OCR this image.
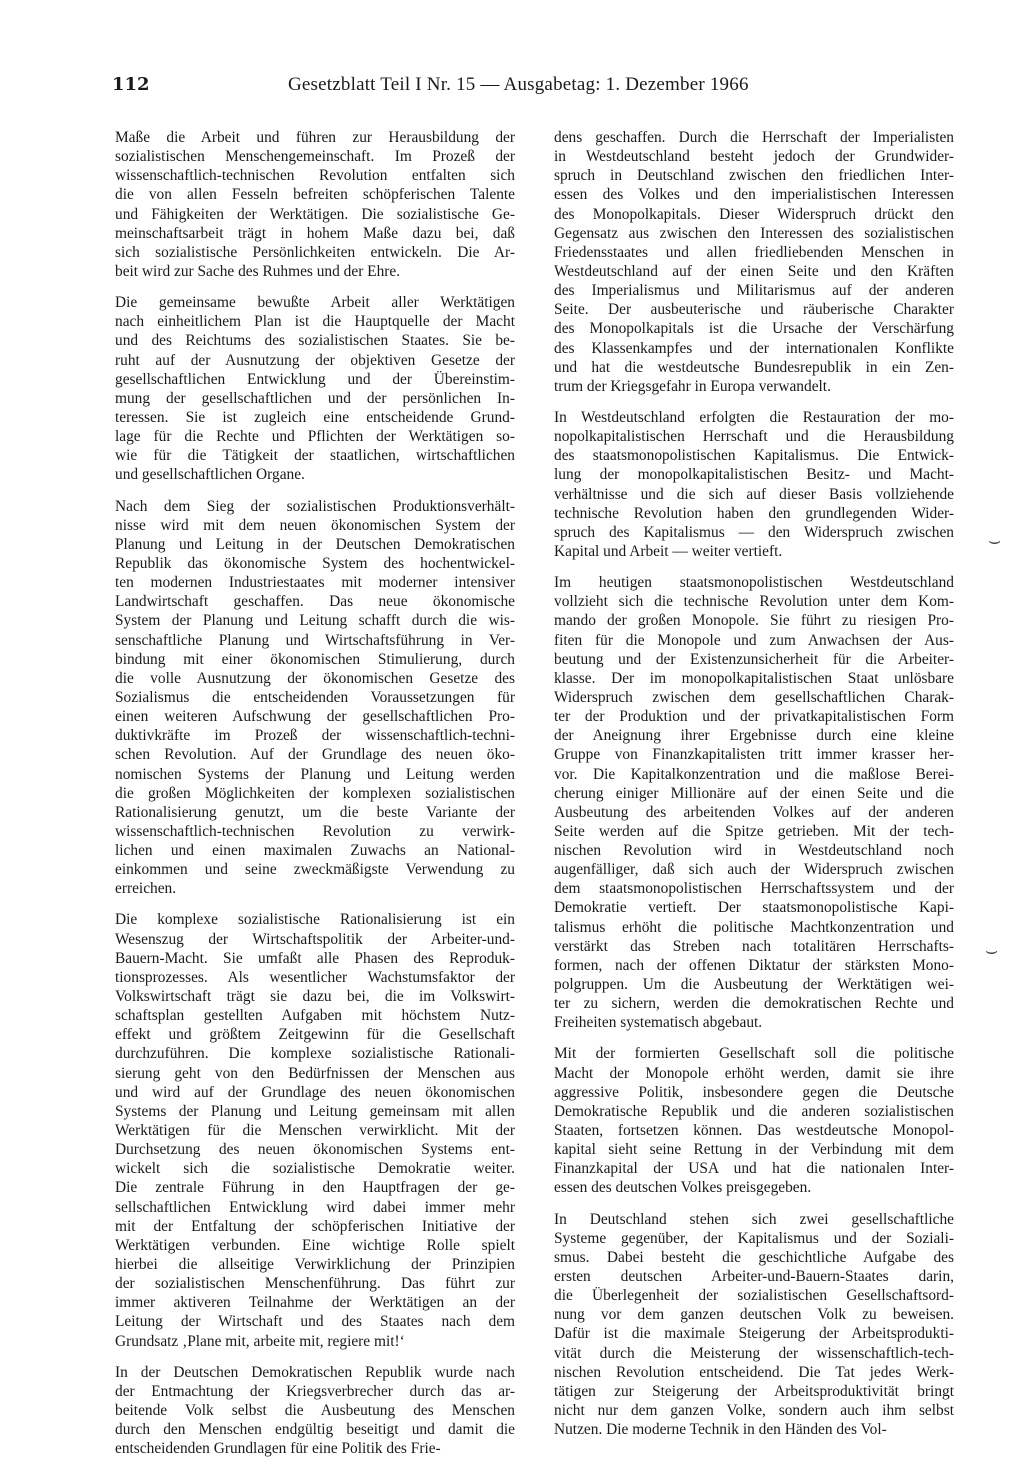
112	Gesetzblatt Teil I Nr. 15 — Ausgabetag: 1. Dezember 1966
Maße die Arbeit und führen zur Herausbildung der
sozialistischen Menschengemeinschaft. Im Prozeß der
wissenschaftlich-technischen Revolution entfalten sich
die von allen Fesseln befreiten schöpferischen Talente
und Fähigkeiten der Werktätigen. Die sozialistische Ge-
meinschaftsarbeit trägt in hohem Maße dazu bei, daß
sich sozialistische Persönlichkeiten entwickeln. Die Ar-
beit wird zur Sache des Ruhmes und der Ehre.
Die gemeinsame bewußte Arbeit aller Werktätigen
nach einheitlichem Plan ist die Hauptquelle der Macht
und des Reichtums des sozialistischen Staates. Sie be-
ruht auf der Ausnutzung der objektiven Gesetze der
gesellschaftlichen Entwicklung und der Übereinstim-
mung der gesellschaftlichen und der persönlichen In-
teressen. Sie ist zugleich eine entscheidende Grund-
lage für die Rechte und Pflichten der Werktätigen so-
wie für die Tätigkeit der staatlichen, wirtschaftlichen
und gesellschaftlichen Organe.
Nach dem Sieg der sozialistischen Produktionsverhält-
nisse wird mit dem neuen ökonomischen System der
Planung und Leitung in der Deutschen Demokratischen
Republik das ökonomische System des hochentwickel-
ten modernen Industriestaates mit moderner intensiver
Landwirtschaft geschaffen. Das neue ökonomische
System der Planung und Leitung schafft durch die wis-
senschaftliche Planung und Wirtschaftsführung in Ver-
bindung mit einer ökonomischen Stimulierung, durch
die volle Ausnutzung der ökonomischen Gesetze des
Sozialismus die entscheidenden Voraussetzungen für
einen weiteren Aufschwung der gesellschaftlichen Pro-
duktivkräfte im Prozeß der wissenschaftlich-techni-
schen Revolution. Auf der Grundlage des neuen öko-
nomischen Systems der Planung und Leitung werden
die großen Möglichkeiten der komplexen sozialistischen
Rationalisierung genutzt, um die beste Variante der
wissenschaftlich-technischen Revolution zu verwirk-
lichen und einen maximalen Zuwachs an National-
einkommen und seine zweckmäßigste Verwendung zu
erreichen.
Die komplexe sozialistische Rationalisierung ist ein
Wesenszug der Wirtschaftspolitik der Arbeiter-und-
Bauern-Macht. Sie umfaßt alle Phasen des Reproduk-
tionsprozesses. Als wesentlicher Wachstumsfaktor der
Volkswirtschaft trägt sie dazu bei, die im Volkswirt-
schaftsplan gestellten Aufgaben mit höchstem Nutz-
effekt und größtem Zeitgewinn für die Gesellschaft
durchzuführen. Die komplexe sozialistische Rationali-
sierung geht von den Bedürfnissen der Menschen aus
und wird auf der Grundlage des neuen ökonomischen
Systems der Planung und Leitung gemeinsam mit allen
Werktätigen für die Menschen verwirklicht. Mit der
Durchsetzung des neuen ökonomischen Systems ent-
wickelt sich die sozialistische Demokratie weiter.
Die zentrale Führung in den Hauptfragen der ge-
sellschaftlichen Entwicklung wird dabei immer mehr
mit der Entfaltung der schöpferischen Initiative der
Werktätigen verbunden. Eine wichtige Rolle spielt
hierbei die allseitige Verwirklichung der Prinzipien
der sozialistischen Menschenführung. Das führt zur
immer aktiveren Teilnahme der Werktätigen an der
Leitung der Wirtschaft und des Staates nach dem
Grundsatz ‚Plane mit, arbeite mit, regiere mit!‘
In der Deutschen Demokratischen Republik wurde nach
der Entmachtung der Kriegsverbrecher durch das ar-
beitende Volk selbst die Ausbeutung des Menschen
durch den Menschen endgültig beseitigt und damit die
entscheidenden Grundlagen für eine Politik des Frie-
dens geschaffen. Durch die Herrschaft der Imperialisten
in Westdeutschland besteht jedoch der Grundwider-
spruch in Deutschland zwischen den friedlichen Inter-
essen des Volkes und den imperialistischen Interessen
des Monopolkapitals. Dieser Widerspruch drückt den
Gegensatz aus zwischen den Interessen des sozialistischen
Friedensstaates und allen friedliebenden Menschen in
Westdeutschland auf der einen Seite und den Kräften
des Imperialismus und Militarismus auf der anderen
Seite. Der ausbeuterische und räuberische Charakter
des Monopolkapitals ist die Ursache der Verschärfung
des Klassenkampfes und der internationalen Konflikte
und hat die westdeutsche Bundesrepublik in ein Zen-
trum der Kriegsgefahr in Europa verwandelt.
In Westdeutschland erfolgten die Restauration der mo-
nopolkapitalistischen Herrschaft und die Herausbildung
des staatsmonopolistischen Kapitalismus. Die Entwick-
lung der monopolkapitalistischen Besitz- und Macht-
verhältnisse und die sich auf dieser Basis vollziehende
technische Revolution haben den grundlegenden Wider-
spruch des Kapitalismus — den Widerspruch zwischen
Kapital und Arbeit — weiter vertieft.
Im heutigen staatsmonopolistischen Westdeutschland
vollzieht sich die technische Revolution unter dem Kom-
mando der großen Monopole. Sie führt zu riesigen Pro-
fiten für die Monopole und zum Anwachsen der Aus-
beutung und der Existenzunsicherheit für die Arbeiter-
klasse. Der im monopolkapitalistischen Staat unlösbare
Widerspruch zwischen dem gesellschaftlichen Charak-
ter der Produktion und der privatkapitalistischen Form
der Aneignung ihrer Ergebnisse durch eine kleine
Gruppe von Finanzkapitalisten tritt immer krasser her-
vor. Die Kapitalkonzentration und die maßlose Berei-
cherung einiger Millionäre auf der einen Seite und die
Ausbeutung des arbeitenden Volkes auf der anderen
Seite werden auf die Spitze getrieben. Mit der tech-
nischen Revolution wird in Westdeutschland noch
augenfälliger, daß sich auch der Widerspruch zwischen
dem staatsmonopolistischen Herrschaftssystem und der
Demokratie vertieft. Der staatsmonopolistische Kapi-
talismus erhöht die politische Machtkonzentration und
verstärkt das Streben nach totalitären Herrschafts-
formen, nach der offenen Diktatur der stärksten Mono-
polgruppen. Um die Ausbeutung der Werktätigen wei-
ter zu sichern, werden die demokratischen Rechte und
Freiheiten systematisch abgebaut.
Mit der formierten Gesellschaft soll die politische
Macht der Monopole erhöht werden, damit sie ihre
aggressive Politik, insbesondere gegen die Deutsche
Demokratische Republik und die anderen sozialistischen
Staaten, fortsetzen können. Das westdeutsche Monopol-
kapital sieht seine Rettung in der Verbindung mit dem
Finanzkapital der USA und hat die nationalen Inter-
essen des deutschen Volkes preisgegeben.
In Deutschland stehen sich zwei gesellschaftliche
Systeme gegenüber, der Kapitalismus und der Soziali-
smus. Dabei besteht die geschichtliche Aufgabe des
ersten deutschen Arbeiter-und-Bauern-Staates darin,
die Überlegenheit der sozialistischen Gesellschaftsord-
nung vor dem ganzen deutschen Volk zu beweisen.
Dafür ist die maximale Steigerung der Arbeitsprodukti-
vität durch die Meisterung der wissenschaftlich-tech-
nischen Revolution entscheidend. Die Tat jedes Werk-
tätigen zur Steigerung der Arbeitsproduktivität bringt
nicht nur dem ganzen Volke, sondern auch ihm selbst
Nutzen. Die moderne Technik in den Händen des Vol-
⌣
⌣
